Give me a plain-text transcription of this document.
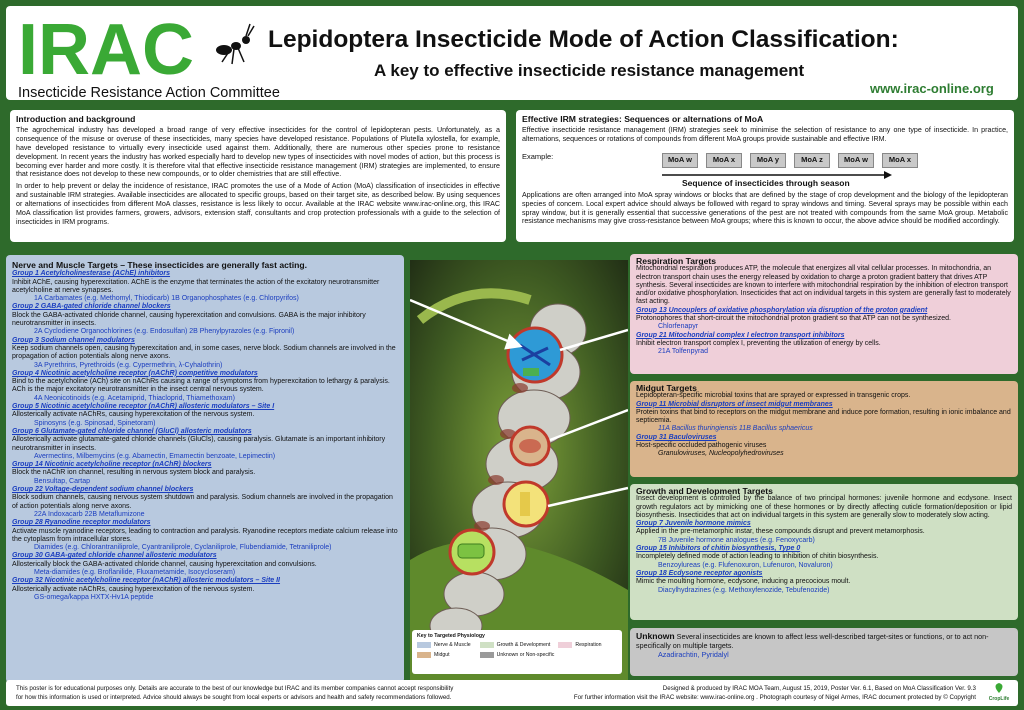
IRAC
Insecticide Resistance Action Committee
Lepidoptera Insecticide Mode of Action Classification:
A key to effective insecticide resistance management
www.irac-online.org
Introduction and background

The agrochemical industry has developed a broad range of very effective insecticides for the control of lepidopteran pests. Unfortunately, as a consequence of the misuse or overuse of these insecticides, many species have developed resistance. Populations of Plutella xylostella, for example, have developed resistance to virtually every insecticide used against them. Additionally, there are numerous other species prone to resistance development. In recent years the industry has worked especially hard to develop new types of insecticides with novel modes of action, but this process is becoming ever harder and more costly. It is therefore vital that effective insecticide resistance management (IRM) strategies are implemented, to ensure that resistance does not develop to these new compounds, or to older chemistries that are still effective.

In order to help prevent or delay the incidence of resistance, IRAC promotes the use of a Mode of Action (MoA) classification of insecticides in effective and sustainable IRM strategies. Available insecticides are allocated to specific groups, based on their target site, as described below. By using sequences or alternations of insecticides from different MoA classes, resistance is less likely to occur. Available at the IRAC website www.irac-online.org, this IRAC MoA classification list provides farmers, growers, advisors, extension staff, consultants and crop protection professionals with a guide to the selection of insecticides in IRM programs.

Effective IRM strategies: Sequences or alternations of MoA

Effective insecticide resistance management (IRM) strategies seek to minimise the selection of resistance to any one type of insecticide. In practice, alternations, sequences or rotations of compounds from different MoA groups provide sustainable and effective IRM.

Example:	MoA w	MoA x	MoA y	MoA z	MoA w	MoA x
Sequence of insecticides through season

Applications are often arranged into MoA spray windows or blocks that are defined by the stage of crop development and the biology of the lepidopteran species of concern. Local expert advice should always be followed with regard to spray windows and timing. Several sprays may be possible within each spray window, but it is generally essential that successive generations of the pest are not treated with compounds from the same MoA group. Metabolic resistance mechanisms may give cross-resistance between MoA groups; where this is known to occur, the above advice should be modified accordingly.

Nerve and Muscle Targets – These insecticides are generally fast acting.
Group 1 Acetylcholinesterase (AChE) inhibitors
Inhibit AChE, causing hyperexcitation. AChE is the enzyme that terminates the action of the excitatory neurotransmitter acetylcholine at nerve synapses.
1A Carbamates (e.g. Methomyl, Thiodicarb) 1B Organophosphates (e.g. Chlorpyrifos)
Group 2 GABA-gated chloride channel blockers
Block the GABA-activated chloride channel, causing hyperexcitation and convulsions. GABA is the major inhibitory neurotransmitter in insects.
2A Cyclodiene Organochlorines (e.g. Endosulfan) 2B Phenylpyrazoles (e.g. Fipronil)
Group 3 Sodium channel modulators
Keep sodium channels open, causing hyperexcitation and, in some cases, nerve block. Sodium channels are involved in the propagation of action potentials along nerve axons.
3A Pyrethrins, Pyrethroids (e.g. Cypermethrin, λ-Cyhalothrin)
Group 4 Nicotinic acetylcholine receptor (nAChR) competitive modulators
Bind to the acetylcholine (ACh) site on nAChRs causing a range of symptoms from hyperexcitation to lethargy & paralysis. ACh is the major excitatory neurotransmitter in the insect central nervous system.
4A Neonicotinoids (e.g. Acetamiprid, Thiacloprid, Thiamethoxam)
Group 5 Nicotinic acetylcholine receptor (nAChR) allosteric modulators – Site I
Allosterically activate nAChRs, causing hyperexcitation of the nervous system.
Spinosyns (e.g. Spinosad, Spinetoram)
Group 6 Glutamate-gated chloride channel (GluCl) allosteric modulators
Allosterically activate glutamate-gated chloride channels (GluCls), causing paralysis. Glutamate is an important inhibitory neurotransmitter in insects.
Avermectins, Milbemycins (e.g. Abamectin, Emamectin benzoate, Lepimectin)
Group 14 Nicotinic acetylcholine receptor (nAChR) blockers
Block the nAChR ion channel, resulting in nervous system block and paralysis.
Bensultap, Cartap
Group 22 Voltage-dependent sodium channel blockers
Block sodium channels, causing nervous system shutdown and paralysis. Sodium channels are involved in the propagation of action potentials along nerve axons.
22A Indoxacarb 22B Metaflumizone
Group 28 Ryanodine receptor modulators
Activate muscle ryanodine receptors, leading to contraction and paralysis. Ryanodine receptors mediate calcium release into the cytoplasm from intracellular stores.
Diamides (e.g. Chlorantraniliprole, Cyantraniliprole, Cyclaniliprole, Flubendiamide, Tetraniliprole)
Group 30 GABA-gated chloride channel allosteric modulators
Allosterically block the GABA-activated chloride channel, causing hyperexcitation and convulsions.
Meta-diamides (e.g. Broflanilide, Fluxametamide, Isocycloseram)
Group 32 Nicotinic acetylcholine receptor (nAChR) allosteric modulators – Site II
Allosterically activate nAChRs, causing hyperexcitation of the nervous system.
GS-omega/kappa HXTX-Hv1A peptide
Respiration Targets
Mitochondrial respiration produces ATP, the molecule that energizes all vital cellular processes. In mitochondria, an electron transport chain uses the energy released by oxidation to charge a proton gradient battery that drives ATP synthesis. Several insecticides are known to interfere with mitochondrial respiration by the inhibition of electron transport and/or oxidative phosphorylation. Insecticides that act on individual targets in this system are generally fast to moderately fast acting.
Group 13 Uncouplers of oxidative phosphorylation via disruption of the proton gradient
Protonophores that short-circuit the mitochondrial proton gradient so that ATP can not be synthesized.
Chlorfenapyr
Group 21 Mitochondrial complex I electron transport inhibitors
Inhibit electron transport complex I, preventing the utilization of energy by cells.
21A Tolfenpyrad
Midgut Targets
Lepidopteran-specific microbial toxins that are sprayed or expressed in transgenic crops.
Group 11 Microbial disruptors of insect midgut membranes
Protein toxins that bind to receptors on the midgut membrane and induce pore formation, resulting in ionic imbalance and septicemia.
11A Bacillus thuringiensis 11B Bacillus sphaericus
Group 31 Baculoviruses
Host-specific occluded pathogenic viruses
Granuloviruses, Nucleopolyhedroviruses
Growth and Development Targets
Insect development is controlled by the balance of two principal hormones: juvenile hormone and ecdysone. Insect growth regulators act by mimicking one of these hormones or by directly affecting cuticle formation/deposition or lipid biosynthesis. Insecticides that act on individual targets in this system are generally slow to moderately slow acting.
Group 7 Juvenile hormone mimics
Applied in the pre-metamorphic instar, these compounds disrupt and prevent metamorphosis.
7B Juvenile hormone analogues (e.g. Fenoxycarb)
Group 15 Inhibitors of chitin biosynthesis, Type 0
Incompletely defined mode of action leading to inhibition of chitin biosynthesis.
Benzoylureas (e.g. Flufenoxuron, Lufenuron, Novaluron)
Group 18 Ecdysone receptor agonists
Mimic the moulting hormone, ecdysone, inducing a precocious moult.
Diacylhydrazines (e.g. Methoxyfenozide, Tebufenozide)
Unknown Several insecticides are known to affect less well-described target-sites or functions, or to act non-specifically on multiple targets.
Azadirachtin, Pyridalyl
Key to Targeted Physiology
Nerve & Muscle	Growth & Development	Respiration
Midgut	Unknown or Non-specific
This poster is for educational purposes only. Details are accurate to the best of our knowledge but IRAC and its member companies cannot accept responsibility
for how this information is used or interpreted. Advice should always be sought from local experts or advisors and health and safety recommendations followed.
Designed & produced by IRAC MOA Team, August 15, 2019, Poster Ver. 6.1, Based on MoA Classification Ver. 9.3
For further information visit the IRAC website: www.irac-online.org . Photograph courtesy of Nigel Armes, IRAC document protected by © Copyright	CropLife
